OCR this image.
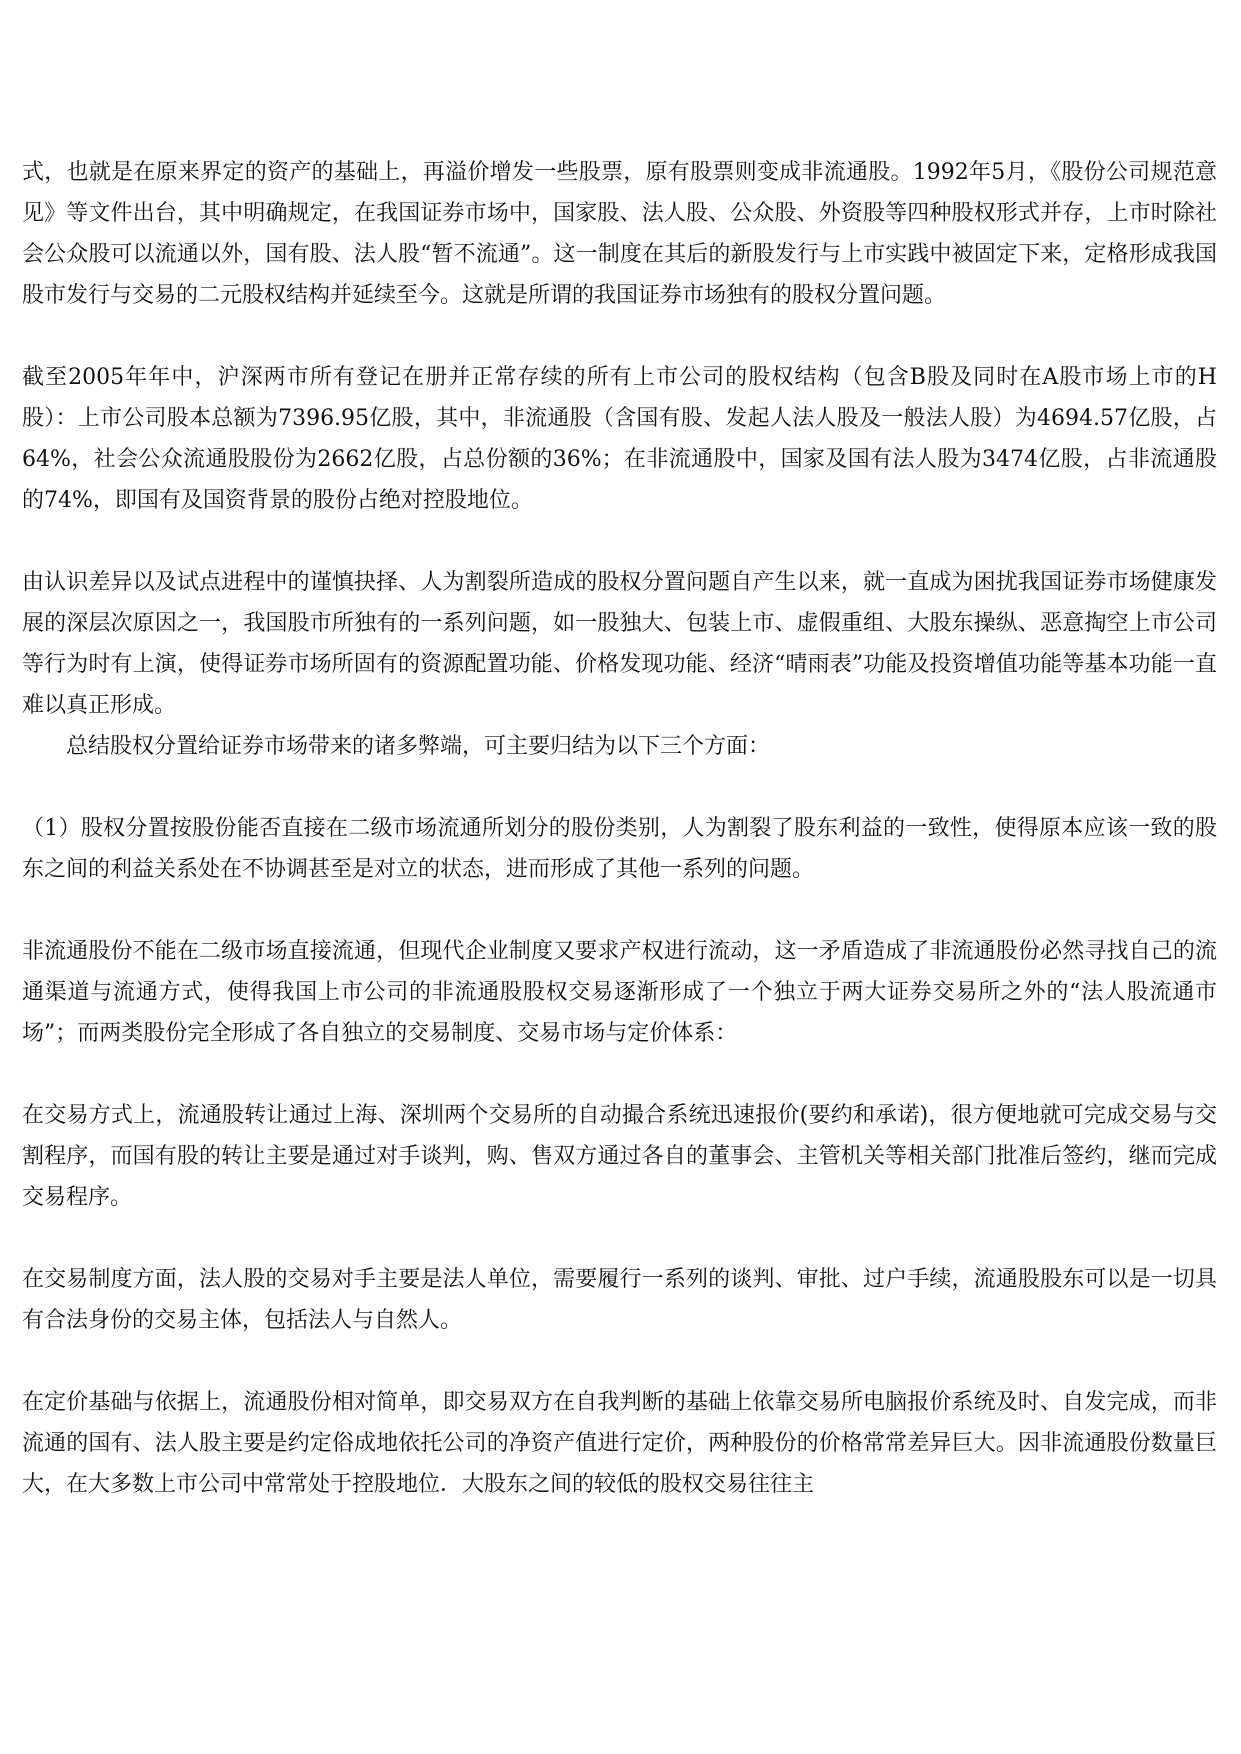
式，也就是在原来界定的资产的基础上，再溢价增发一些股票，原有股票则变成非流通股。1992年5月，《股份公司规范意见》等文件出台，其中明确规定，在我国证券市场中，国家股、法人股、公众股、外资股等四种股权形式并存，上市时除社会公众股可以流通以外，国有股、法人股“暂不流通”。这一制度在其后的新股发行与上市实践中被固定下来，定格形成我国股市发行与交易的二元股权结构并延续至今。这就是所谓的我国证券市场独有的股权分置问题。

截至2005年年中，沪深两市所有登记在册并正常存续的所有上市公司的股权结构（包含B股及同时在A股市场上市的H股）：上市公司股本总额为7396.95亿股，其中，非流通股（含国有股、发起人法人股及一般法人股）为4694.57亿股，占64%，社会公众流通股股份为2662亿股，占总份额的36%；在非流通股中，国家及国有法人股为3474亿股，占非流通股的74%，即国有及国资背景的股份占绝对控股地位。

由认识差异以及试点进程中的谨慎抉择、人为割裂所造成的股权分置问题自产生以来，就一直成为困扰我国证券市场健康发展的深层次原因之一，我国股市所独有的一系列问题，如一股独大、包装上市、虚假重组、大股东操纵、恶意掏空上市公司等行为时有上演，使得证券市场所固有的资源配置功能、价格发现功能、经济“晴雨表”功能及投资增值功能等基本功能一直难以真正形成。

总结股权分置给证券市场带来的诸多弊端，可主要归结为以下三个方面：

（1）股权分置按股份能否直接在二级市场流通所划分的股份类别，人为割裂了股东利益的一致性，使得原本应该一致的股东之间的利益关系处在不协调甚至是对立的状态，进而形成了其他一系列的问题。

非流通股份不能在二级市场直接流通，但现代企业制度又要求产权进行流动，这一矛盾造成了非流通股份必然寻找自己的流通渠道与流通方式，使得我国上市公司的非流通股股权交易逐渐形成了一个独立于两大证券交易所之外的“法人股流通市场”；而两类股份完全形成了各自独立的交易制度、交易市场与定价体系：

在交易方式上，流通股转让通过上海、深圳两个交易所的自动撮合系统迅速报价(要约和承诺)，很方便地就可完成交易与交割程序，而国有股的转让主要是通过对手谈判，购、售双方通过各自的董事会、主管机关等相关部门批准后签约，继而完成交易程序。

在交易制度方面，法人股的交易对手主要是法人单位，需要履行一系列的谈判、审批、过户手续，流通股股东可以是一切具有合法身份的交易主体，包括法人与自然人。

在定价基础与依据上，流通股份相对简单，即交易双方在自我判断的基础上依靠交易所电脑报价系统及时、自发完成，而非流通的国有、法人股主要是约定俗成地依托公司的净资产值进行定价，两种股份的价格常常差异巨大。因非流通股份数量巨大，在大多数上市公司中常常处于控股地位．大股东之间的较低的股权交易往往主
